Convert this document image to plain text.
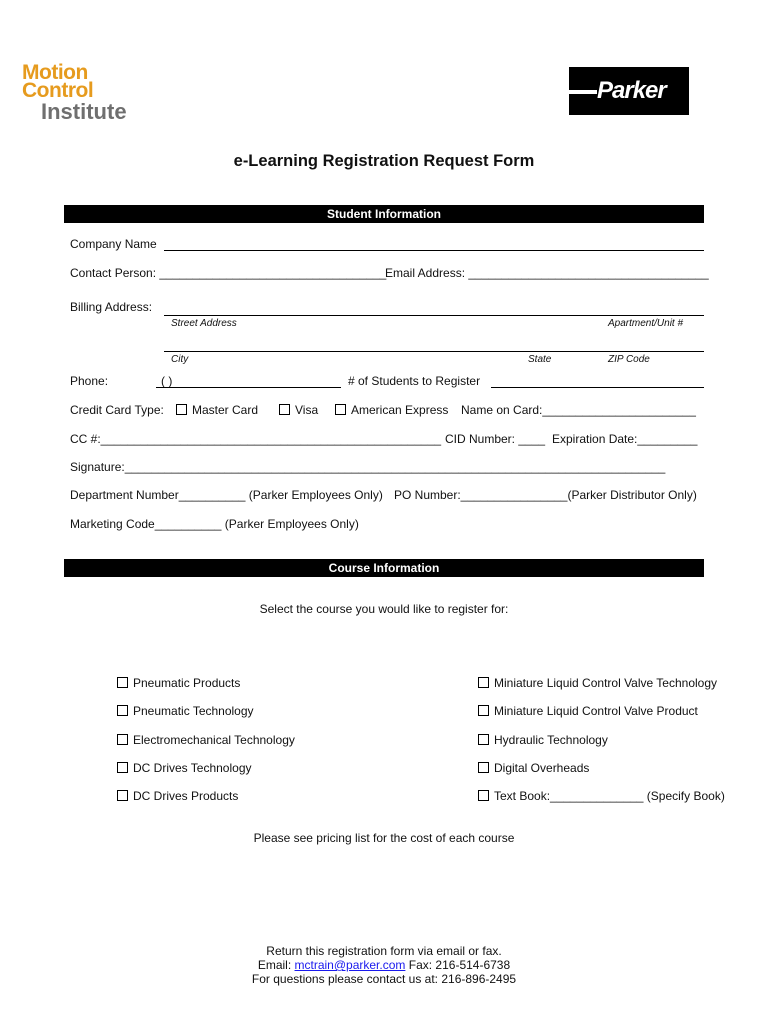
Motion
Control
Institute
Parker
e-Learning Registration Request Form
Student Information
Company Name
Contact Person: __________________________________
Email Address: ____________________________________
Billing Address:
Street Address	Apartment/Unit #
City	State	ZIP Code
Phone:	( )	# of Students to Register
Credit Card Type:	Master Card	Visa	American Express Name on Card:_______________________
CC #:___________________________________________________ CID Number: ____ Expiration Date:_________
Signature:_________________________________________________________________________________
Department Number__________ (Parker Employees Only) PO Number:________________(Parker Distributor Only)
Marketing Code__________ (Parker Employees Only)
Course Information
Select the course you would like to register for:
Pneumatic Products
Pneumatic Technology
Electromechanical Technology
DC Drives Technology
DC Drives Products
Miniature Liquid Control Valve Technology
Miniature Liquid Control Valve Product
Hydraulic Technology
Digital Overheads
Text Book:______________ (Specify Book)
Please see pricing list for the cost of each course
Return this registration form via email or fax.
Email: mctrain@parker.com Fax: 216-514-6738
For questions please contact us at: 216-896-2495
